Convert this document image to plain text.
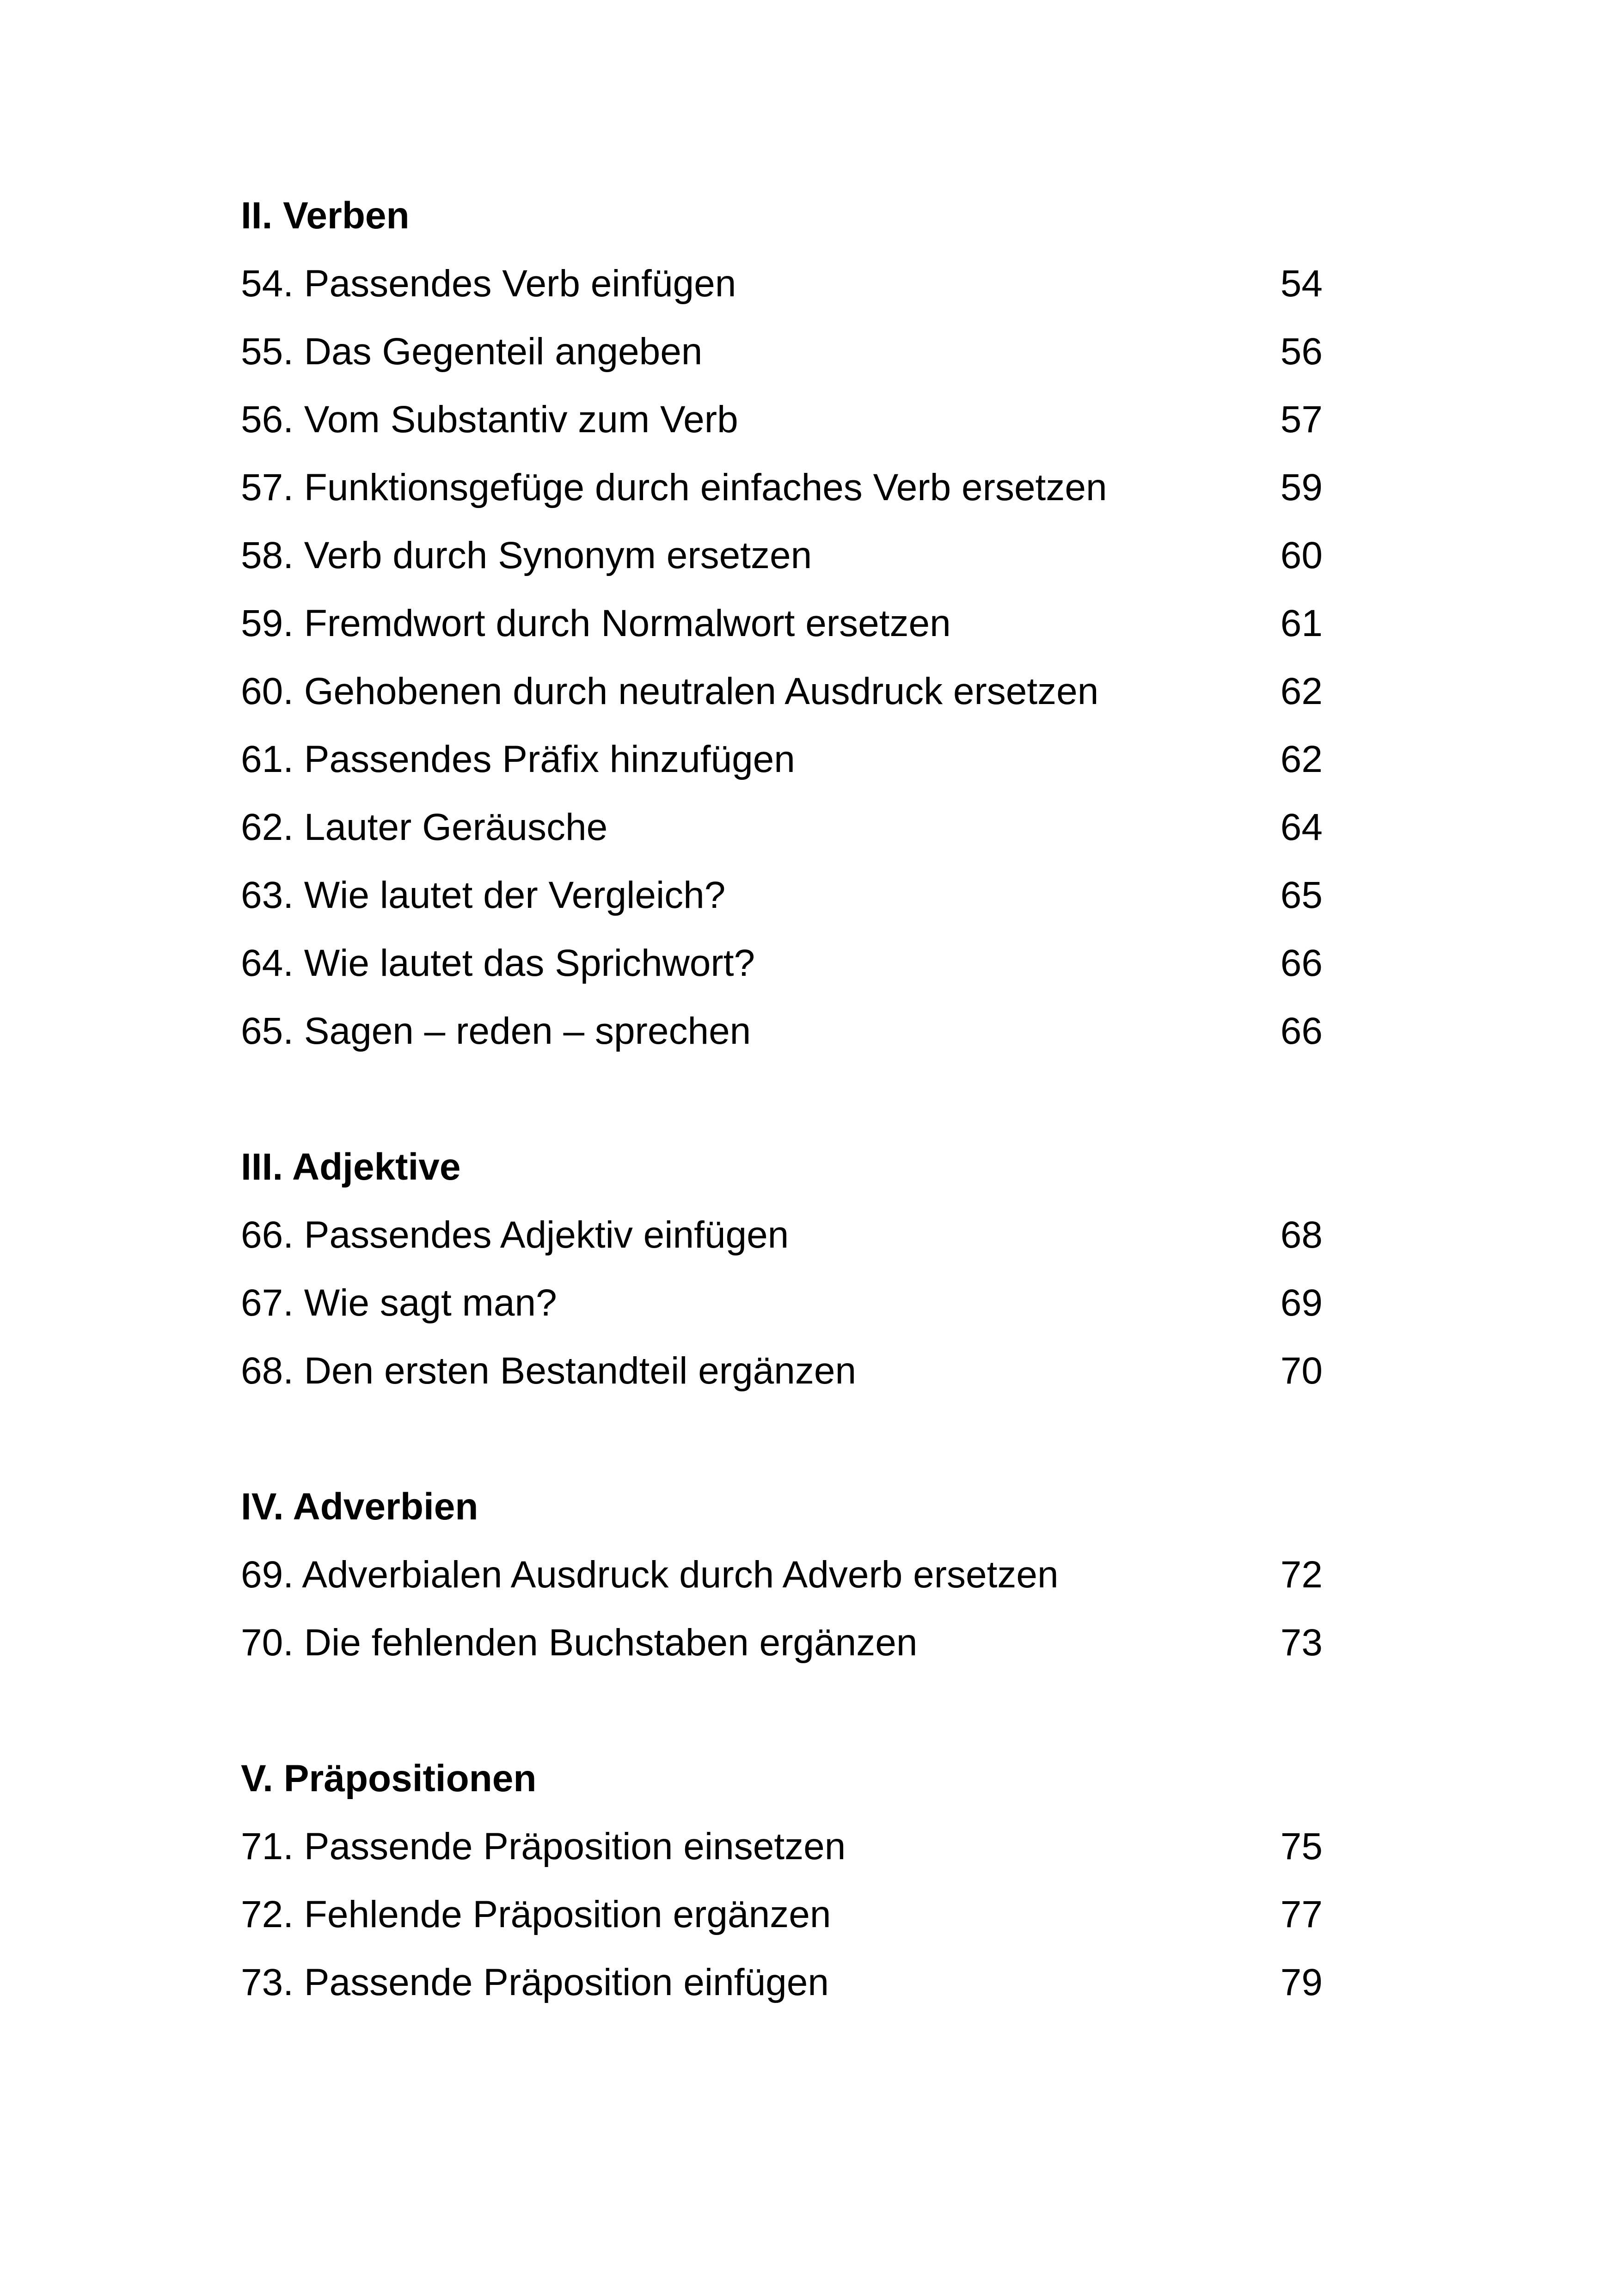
II. Verben
54. Passendes Verb einfügen	54
55. Das Gegenteil angeben	56
56. Vom Substantiv zum Verb	57
57. Funktionsgefüge durch einfaches Verb ersetzen	59
58. Verb durch Synonym ersetzen	60
59. Fremdwort durch Normalwort ersetzen	61
60. Gehobenen durch neutralen Ausdruck ersetzen	62
61. Passendes Präfix hinzufügen	62
62. Lauter Geräusche	64
63. Wie lautet der Vergleich?	65
64. Wie lautet das Sprichwort?	66
65. Sagen – reden – sprechen	66
III. Adjektive
66. Passendes Adjektiv einfügen	68
67. Wie sagt man?	69
68. Den ersten Bestandteil ergänzen	70
IV. Adverbien
69. Adverbialen Ausdruck durch Adverb ersetzen	72
70. Die fehlenden Buchstaben ergänzen	73
V. Präpositionen
71. Passende Präposition einsetzen	75
72. Fehlende Präposition ergänzen	77
73. Passende Präposition einfügen	79
